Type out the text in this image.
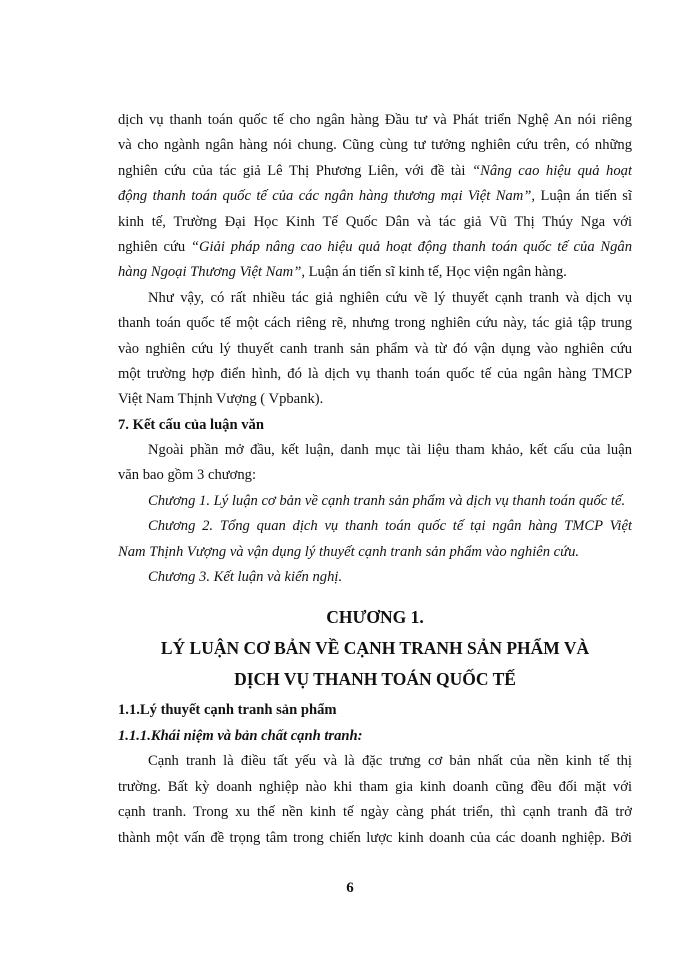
dịch vụ thanh toán quốc tế cho ngân hàng Đầu tư và Phát triển Nghệ An nói riêng
và cho ngành ngân hàng nói chung. Cũng cùng tư tưởng nghiên cứu trên, có những
nghiên cứu của tác giả Lê Thị Phương Liên, với đề tài “Nâng cao hiệu quả hoạt
động thanh toán quốc tế của các ngân hàng thương mại Việt Nam”, Luận án tiến sĩ
kinh tế, Trường Đại Học Kinh Tế Quốc Dân và tác giả Vũ Thị Thúy Nga với
nghiên cứu “Giải pháp nâng cao hiệu quả hoạt động thanh toán quốc tế của Ngân
hàng Ngoại Thương Việt Nam”, Luận án tiến sĩ kinh tế, Học viện ngân hàng.
Như vậy, có rất nhiều tác giả nghiên cứu về lý thuyết cạnh tranh và dịch vụ
thanh toán quốc tế một cách riêng rẽ, nhưng trong nghiên cứu này, tác giả tập trung
vào nghiên cứu lý thuyết canh tranh sản phẩm và từ đó vận dụng vào nghiên cứu
một trường hợp điển hình, đó là dịch vụ thanh toán quốc tế của ngân hàng TMCP
Việt Nam Thịnh Vượng ( Vpbank).
7. Kết cấu của luận văn
Ngoài phần mở đầu, kết luận, danh mục tài liệu tham khảo, kết cấu của luận
văn bao gồm 3 chương:
Chương 1. Lý luận cơ bản về cạnh tranh sản phẩm và dịch vụ thanh toán quốc tế.
Chương 2. Tổng quan dịch vụ thanh toán quốc tế tại ngân hàng TMCP Việt
Nam Thịnh Vượng và vận dụng lý thuyết cạnh tranh sản phẩm vào nghiên cứu.
Chương 3. Kết luận và kiến nghị.
CHƯƠNG 1.
LÝ LUẬN CƠ BẢN VỀ CẠNH TRANH SẢN PHẨM VÀ
DỊCH VỤ THANH TOÁN QUỐC TẾ
1.1.Lý thuyết cạnh tranh sản phẩm
1.1.1.Khái niệm và bản chất cạnh tranh:
Cạnh tranh là điều tất yếu và là đặc trưng cơ bản nhất của nền kinh tế thị
trường. Bất kỳ doanh nghiệp nào khi tham gia kinh doanh cũng đều đối mặt với
cạnh tranh. Trong xu thế nền kinh tế ngày càng phát triển, thì cạnh tranh đã trở
thành một vấn đề trọng tâm trong chiến lược kinh doanh của các doanh nghiệp. Bởi
6
